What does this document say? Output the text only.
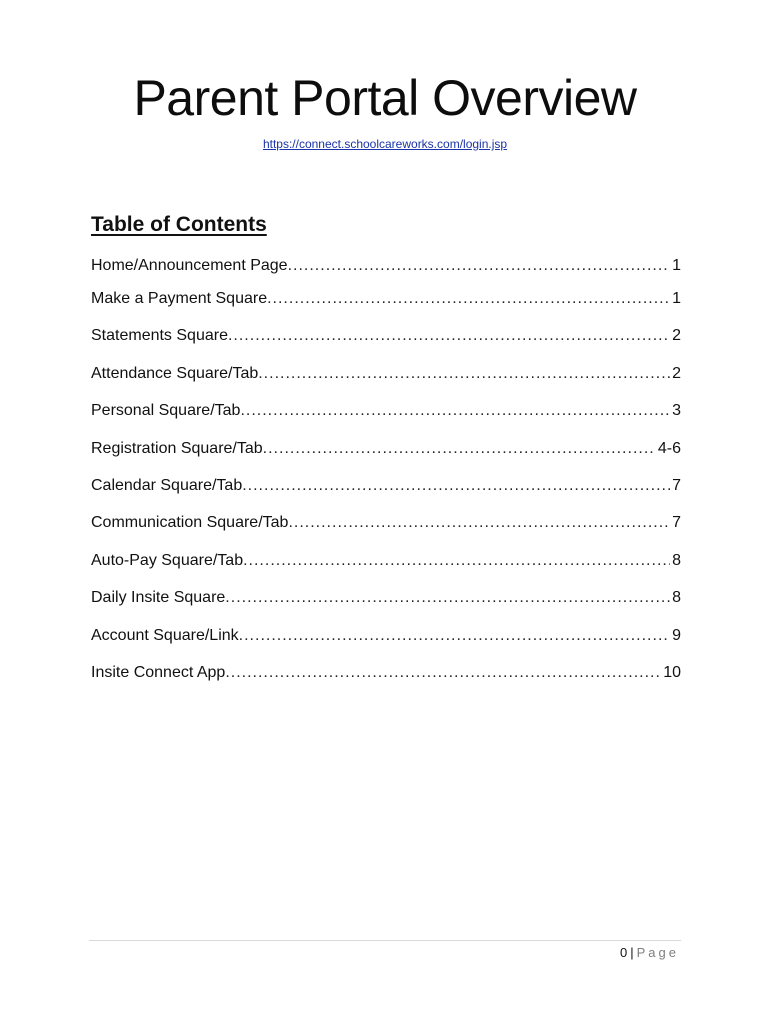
Parent Portal Overview
https://connect.schoolcareworks.com/login.jsp
Table of Contents
Home/Announcement Page .....	1
Make a Payment Square .....	1
Statements Square .....	2
Attendance Square/Tab .....	2
Personal Square/Tab .....	3
Registration Square/Tab .....	4-6
Calendar Square/Tab .....	7
Communication Square/Tab .....	7
Auto-Pay Square/Tab .....	8
Daily Insite Square .....	8
Account Square/Link .....	9
Insite Connect App .....	10
0 | Page
